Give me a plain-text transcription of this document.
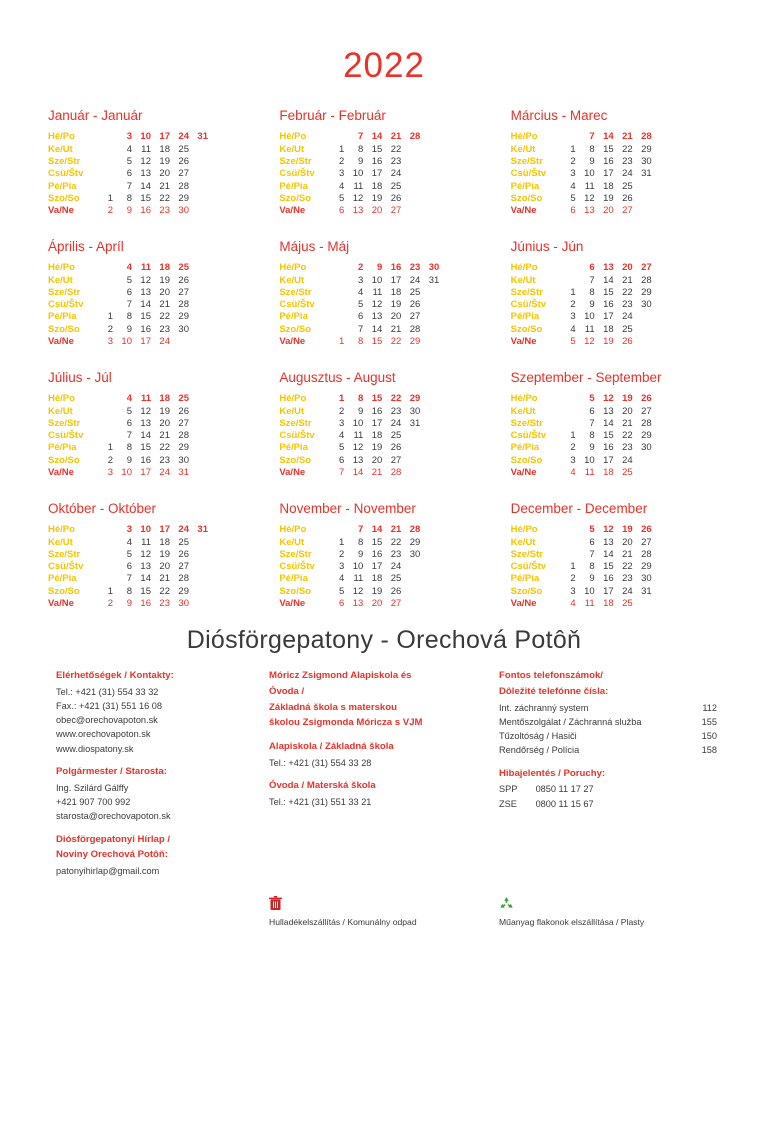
2022
Január - Január
Hé/Po		3	10	17	24	31
Ke/Ut		4	11	18	25	
Sze/Str		5	12	19	26	
Csü/Štv		6	13	20	27	
Pé/Pia		7	14	21	28	
Szo/So	1	8	15	22	29	
Va/Ne	2	9	16	23	30	
Február - Február
Hé/Po		7	14	21	28	
Ke/Ut	1	8	15	22		
Sze/Str	2	9	16	23		
Csü/Štv	3	10	17	24		
Pé/Pia	4	11	18	25		
Szo/So	5	12	19	26		
Va/Ne	6	13	20	27		
Március - Marec
Hé/Po		7	14	21	28	
Ke/Ut	1	8	15	22	29	
Sze/Str	2	9	16	23	30	
Csü/Štv	3	10	17	24	31	
Pé/Pia	4	11	18	25		
Szo/So	5	12	19	26		
Va/Ne	6	13	20	27		
Április - Apríl
Hé/Po		4	11	18	25	
Ke/Ut		5	12	19	26	
Sze/Str		6	13	20	27	
Csü/Štv		7	14	21	28	
Pé/Pia	1	8	15	22	29	
Szo/So	2	9	16	23	30	
Va/Ne	3	10	17	24		
Május - Máj
Hé/Po		2	9	16	23	30
Ke/Ut		3	10	17	24	31
Sze/Str		4	11	18	25	
Csü/Štv		5	12	19	26	
Pé/Pia		6	13	20	27	
Szo/So		7	14	21	28	
Va/Ne	1	8	15	22	29	
Június - Jún
Hé/Po		6	13	20	27	
Ke/Ut		7	14	21	28	
Sze/Str	1	8	15	22	29	
Csü/Štv	2	9	16	23	30	
Pé/Pia	3	10	17	24		
Szo/So	4	11	18	25		
Va/Ne	5	12	19	26		
Július - Júl
Hé/Po		4	11	18	25	
Ke/Ut		5	12	19	26	
Sze/Str		6	13	20	27	
Csü/Štv		7	14	21	28	
Pé/Pia	1	8	15	22	29	
Szo/So	2	9	16	23	30	
Va/Ne	3	10	17	24	31	
Augusztus - August
Hé/Po	1	8	15	22	29	
Ke/Ut	2	9	16	23	30	
Sze/Str	3	10	17	24	31	
Csü/Štv	4	11	18	25		
Pé/Pia	5	12	19	26		
Szo/So	6	13	20	27		
Va/Ne	7	14	21	28		
Szeptember - September
Hé/Po		5	12	19	26	
Ke/Ut		6	13	20	27	
Sze/Str		7	14	21	28	
Csü/Štv	1	8	15	22	29	
Pé/Pia	2	9	16	23	30	
Szo/So	3	10	17	24		
Va/Ne	4	11	18	25		
Október - Október
Hé/Po		3	10	17	24	31
Ke/Ut		4	11	18	25	
Sze/Str		5	12	19	26	
Csü/Štv		6	13	20	27	
Pé/Pia		7	14	21	28	
Szo/So	1	8	15	22	29	
Va/Ne	2	9	16	23	30	
November - November
Hé/Po		7	14	21	28	
Ke/Ut	1	8	15	22	29	
Sze/Str	2	9	16	23	30	
Csü/Štv	3	10	17	24		
Pé/Pia	4	11	18	25		
Szo/So	5	12	19	26		
Va/Ne	6	13	20	27		
December - December
Hé/Po		5	12	19	26	
Ke/Ut		6	13	20	27	
Sze/Str		7	14	21	28	
Csü/Štv	1	8	15	22	29	
Pé/Pia	2	9	16	23	30	
Szo/So	3	10	17	24	31	
Va/Ne	4	11	18	25		
Diósförgepatony - Orechová Potôň
Elérhetőségek / Kontakty:
Tel.: +421 (31) 554 33 32
Fax.: +421 (31) 551 16 08
obec@orechovapoton.sk
www.orechovapoton.sk
www.diospatony.sk
Polgármester / Starosta:
Ing. Szilárd Gálffy
+421 907 700 992
starosta@orechovapoton.sk
Diósförgepatonyi Hírlap /
Noviny Orechová Potôň:
patonyihirlap@gmail.com
Móricz Zsigmond Alapiskola és
Óvoda /
Základná škola s materskou
školou Zsigmonda Móricza s VJM
Alapiskola / Základná škola
Tel.: +421 (31) 554 33 28
Óvoda / Materská škola
Tel.: +421 (31) 551 33 21
Fontos telefonszámok/
Dôležité telefónne čísla:
Int. záchranný system	112
Mentőszolgálat / Záchranná služba	155
Tűzoltóság / Hasiči	150
Rendőrség / Polícia	158
Hibajelentés / Poruchy:
SPP 0850 11 17 27
ZSE 0800 11 15 67
Hulladékelszállítás / Komunálny odpad	Műanyag flakonok elszállítása / Plasty
